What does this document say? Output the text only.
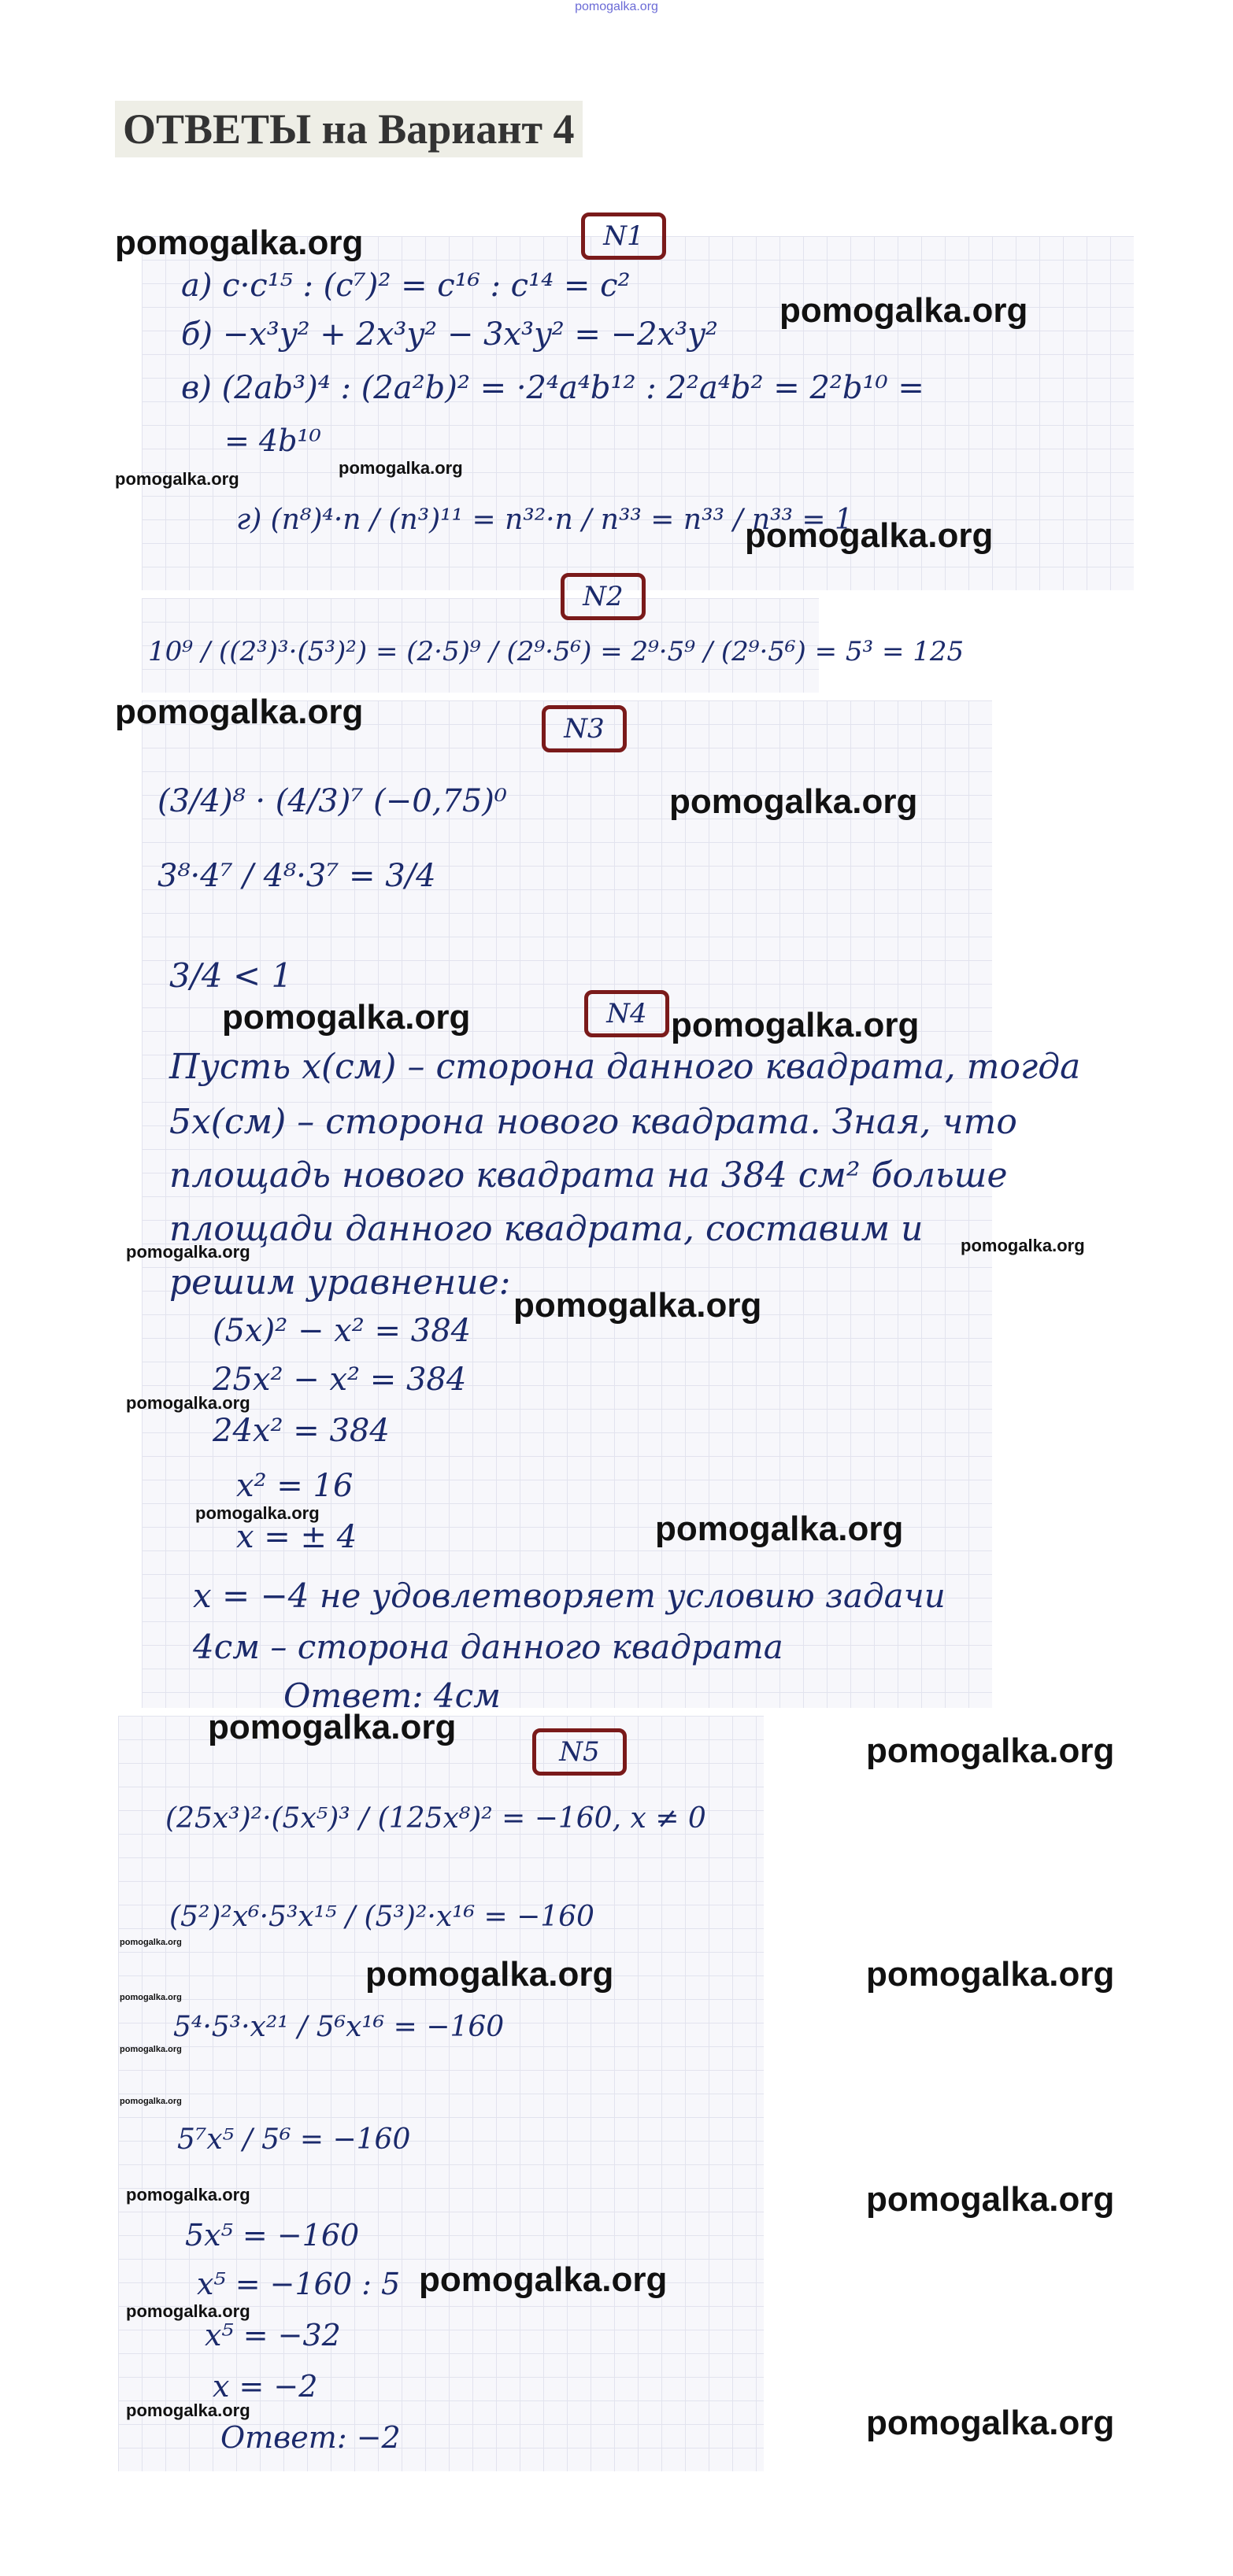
pomogalka.org
ОТВЕТЫ на Вариант 4
N1
а) c·c¹⁵ : (c⁷)² = c¹⁶ : c¹⁴ = c²
б) −x³y² + 2x³y² − 3x³y² = −2x³y²
в) (2ab³)⁴ : (2a²b)² = ·2⁴a⁴b¹² : 2²a⁴b² = 2²b¹⁰ =
= 4b¹⁰
г) (n⁸)⁴·n / (n³)¹¹ = n³²·n / n³³ = n³³ / n³³ = 1
N2
10⁹ / ((2³)³·(5³)²) = (2·5)⁹ / (2⁹·5⁶) = 2⁹·5⁹ / (2⁹·5⁶) = 5³ = 125
N3
(3/4)⁸ · (4/3)⁷ (−0,75)⁰
3⁸·4⁷ / 4⁸·3⁷ = 3/4
3/4 < 1
N4
Пусть x(см) – сторона данного квадрата, тогда
5x(см) – сторона нового квадрата. Зная, что
площадь нового квадрата на 384 см² больше
площади данного квадрата, составим и
решим уравнение:
(5x)² − x² = 384
25x² − x² = 384
24x² = 384
x² = 16
x = ± 4
x = −4 не удовлетворяет условию задачи
4см – сторона данного квадрата
Ответ: 4см
N5
(25x³)²·(5x⁵)³ / (125x⁸)² = −160, x ≠ 0
(5²)²x⁶·5³x¹⁵ / (5³)²·x¹⁶ = −160
5⁴·5³·x²¹ / 5⁶x¹⁶ = −160
5⁷x⁵ / 5⁶ = −160
5x⁵ = −160
x⁵ = −160 : 5
x⁵ = −32
x = −2
Ответ: −2
pomogalka.org
pomogalka.org
pomogalka.org
pomogalka.org
pomogalka.org
pomogalka.org
pomogalka.org
pomogalka.org	pomogalka.org
pomogalka.org	pomogalka.org
pomogalka.org
pomogalka.org
pomogalka.org	pomogalka.org
pomogalka.org
pomogalka.org
pomogalka.org
pomogalka.org	pomogalka.org
pomogalka.org
pomogalka.org
pomogalka.org
pomogalka.org	pomogalka.org
pomogalka.org
pomogalka.org
pomogalka.org	pomogalka.org
